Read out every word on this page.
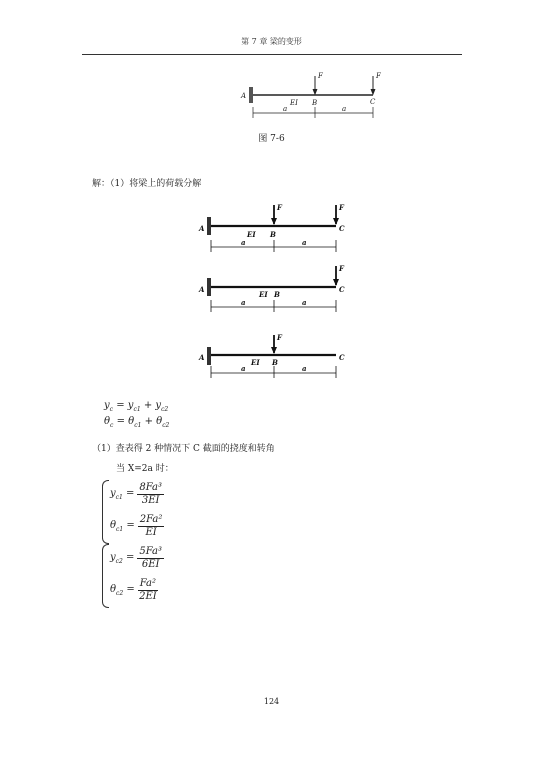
第 7 章 梁的变形
A
EI B	C
F	F
a	a
图 7-6
解：（1）将梁上的荷载分解
A
EI B
C
F	F
a	a
A
EI B
C
F
a	a
A
EI B
C
F
a	a
$y_c = y_{c1} + y_{c2}$
$\theta_c = \theta_{c1} + \theta_{c2}$
（1）查表得 2 种情况下 C 截面的挠度和转角
当 X=2a 时：
$y_{c1} = \frac{\text{8Fa³}}{3EI}$
$\theta_{c1} = \frac{\text{2Fa²}}{EI}$
$y_{c2} = \frac{\text{5Fa³}}{6EI}$
$\theta_{c2} = \frac{\text{Fa²}}{2EI}$
124
